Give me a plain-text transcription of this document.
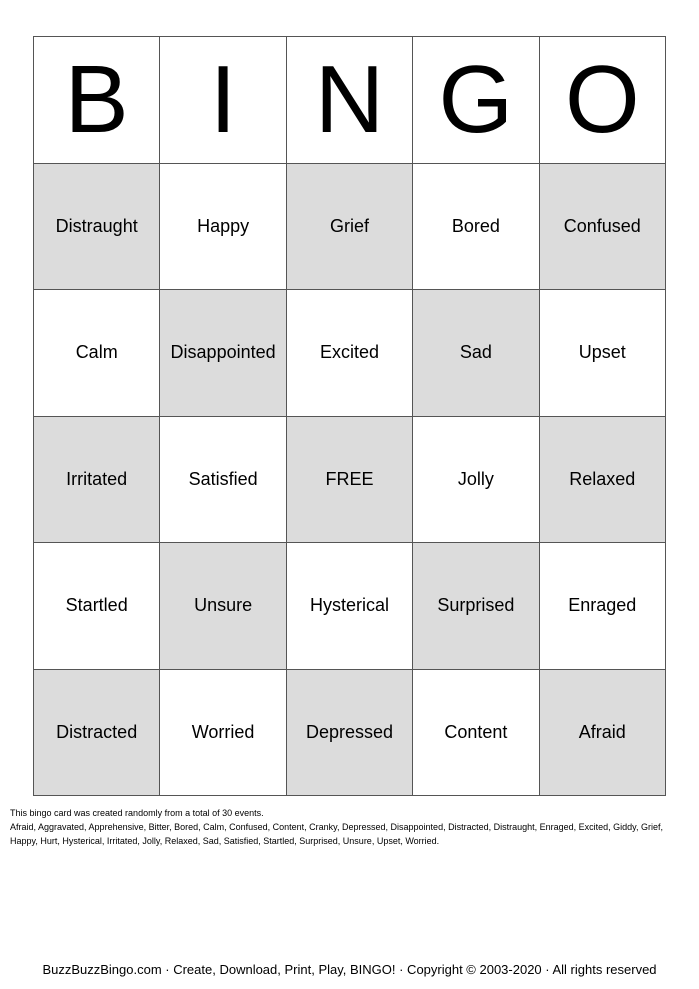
B I N G O
Distraught	Happy	Grief	Bored	Confused
Calm	Disappointed	Excited	Sad	Upset
Irritated	Satisfied	FREE	Jolly	Relaxed
Startled	Unsure	Hysterical	Surprised	Enraged
Distracted	Worried	Depressed	Content	Afraid
This bingo card was created randomly from a total of 30 events.
Afraid, Aggravated, Apprehensive, Bitter, Bored, Calm, Confused, Content, Cranky, Depressed, Disappointed, Distracted, Distraught, Enraged, Excited, Giddy, Grief, Happy, Hurt, Hysterical, Irritated, Jolly, Relaxed, Sad, Satisfied, Startled, Surprised, Unsure, Upset, Worried.
BuzzBuzzBingo.com · Create, Download, Print, Play, BINGO! · Copyright © 2003-2020 · All rights reserved
